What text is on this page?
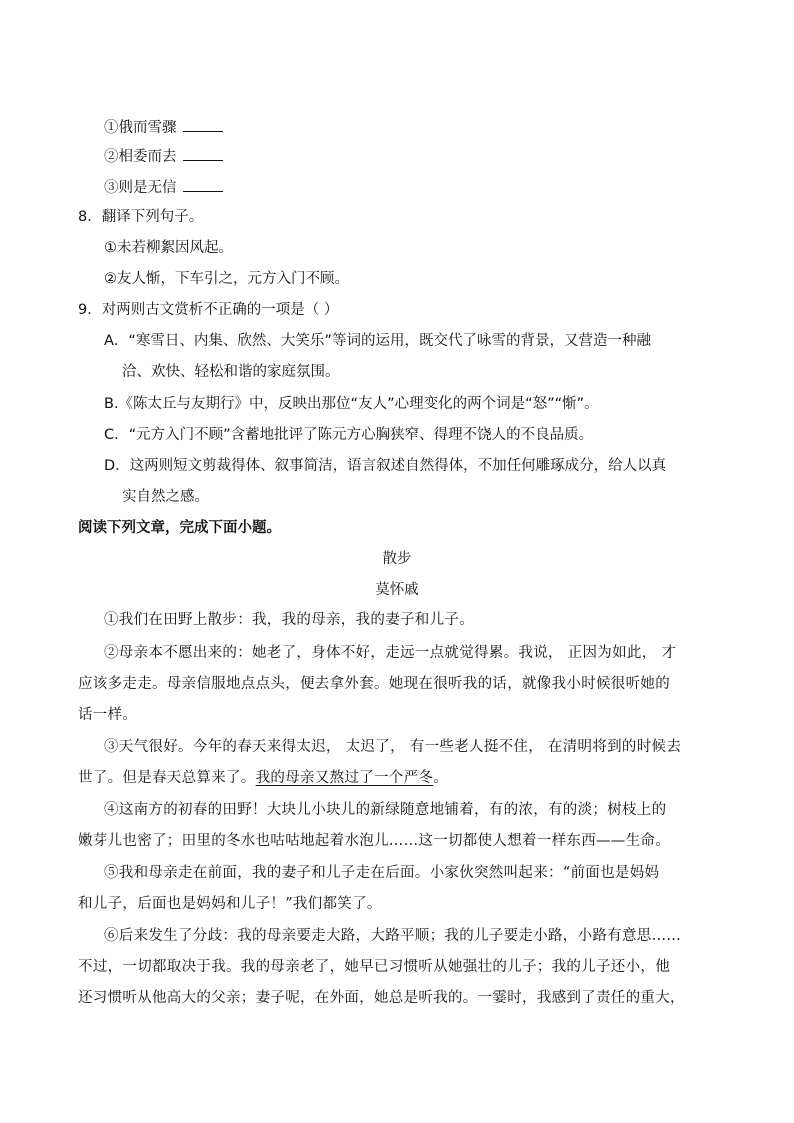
①俄而雪骤
②相委而去
③则是无信
8．翻译下列句子。
①未若柳絮因风起。
②友人惭，下车引之，元方入门不顾。
9．对两则古文赏析不正确的一项是（ ）
A．“寒雪日、内集、欣然、大笑乐”等词的运用，既交代了咏雪的背景，又营造一种融
洽、欢快、轻松和谐的家庭氛围。
B.《陈太丘与友期行》中，反映出那位“友人”心理变化的两个词是“怒”“惭”。
C．“元方入门不顾”含蓄地批评了陈元方心胸狭窄、得理不饶人的不良品质。
D．这两则短文剪裁得体、叙事简洁，语言叙述自然得体，不加任何雕琢成分，给人以真
实自然之感。
阅读下列文章，完成下面小题。
散步
莫怀戚
①我们在田野上散步：我，我的母亲，我的妻子和儿子。
②母亲本不愿出来的：她老了，身体不好，走远一点就觉得累。我说， 正因为如此， 才
应该多走走。母亲信服地点点头，便去拿外套。她现在很听我的话，就像我小时候很听她的
话一样。
③天气很好。今年的春天来得太迟， 太迟了， 有一些老人挺不住， 在清明将到的时候去
世了。但是春天总算来了。我的母亲又熬过了一个严冬。
④这南方的初春的田野！大块儿小块儿的新绿随意地铺着，有的浓，有的淡；树枝上的
嫩芽儿也密了；田里的冬水也咕咕地起着水泡儿……这一切都使人想着一样东西——生命。
⑤我和母亲走在前面，我的妻子和儿子走在后面。小家伙突然叫起来：“前面也是妈妈
和儿子，后面也是妈妈和儿子！”我们都笑了。
⑥后来发生了分歧：我的母亲要走大路，大路平顺；我的儿子要走小路，小路有意思……
不过，一切都取决于我。我的母亲老了，她早已习惯听从她强壮的儿子；我的儿子还小，他
还习惯听从他高大的父亲；妻子呢，在外面，她总是听我的。一霎时，我感到了责任的重大，
